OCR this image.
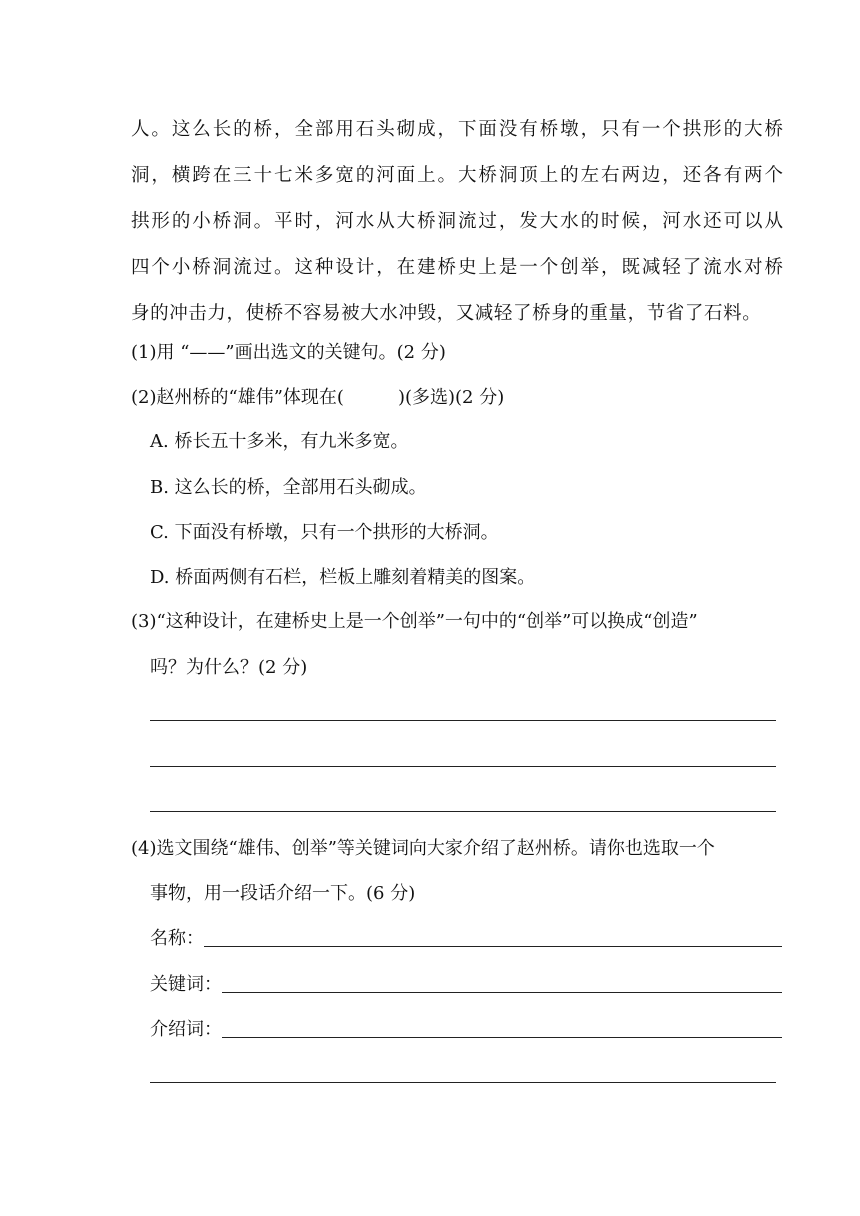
人。这么长的桥，全部用石头砌成，下面没有桥墩，只有一个拱形的大桥
洞，横跨在三十七米多宽的河面上。大桥洞顶上的左右两边，还各有两个
拱形的小桥洞。平时，河水从大桥洞流过，发大水的时候，河水还可以从
四个小桥洞流过。这种设计，在建桥史上是一个创举，既减轻了流水对桥
身的冲击力，使桥不容易被大水冲毁，又减轻了桥身的重量，节省了石料。
(1)用 “——”画出选文的关键句。(2 分)
(2)赵州桥的“雄伟”体现在(	)(多选)(2 分)
A. 桥长五十多米，有九米多宽。
B. 这么长的桥，全部用石头砌成。
C. 下面没有桥墩，只有一个拱形的大桥洞。
D. 桥面两侧有石栏，栏板上雕刻着精美的图案。
(3)“这种设计，在建桥史上是一个创举”一句中的“创举”可以换成“创造”
吗？为什么？(2 分)
(4)选文围绕“雄伟、创举”等关键词向大家介绍了赵州桥。请你也选取一个
事物，用一段话介绍一下。(6 分)
名称：
关键词：
介绍词：
